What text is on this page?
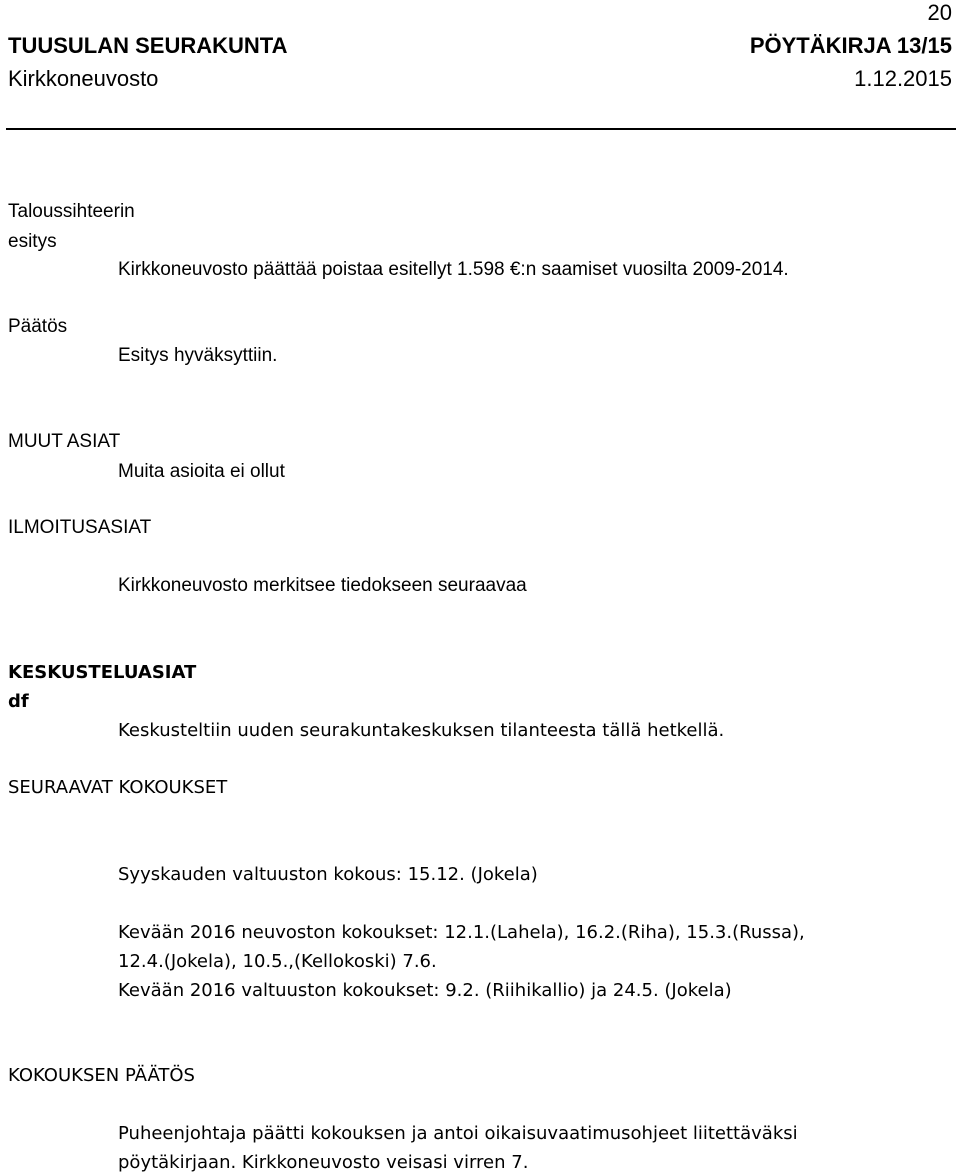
20
TUUSULAN SEURAKUNTA	PÖYTÄKIRJA 13/15
Kirkkoneuvosto	1.12.2015
Taloussihteerin
esitys
Kirkkoneuvosto päättää poistaa esitellyt 1.598 €:n saamiset vuosilta 2009-2014.
Päätös
Esitys hyväksyttiin.
MUUT ASIAT
Muita asioita ei ollut
ILMOITUSASIAT
Kirkkoneuvosto merkitsee tiedokseen seuraavaa
KESKUSTELUASIAT
df
Keskusteltiin uuden seurakuntakeskuksen tilanteesta tällä hetkellä.
SEURAAVAT KOKOUKSET
Syyskauden valtuuston kokous: 15.12. (Jokela)
Kevään 2016 neuvoston kokoukset: 12.1.(Lahela), 16.2.(Riha), 15.3.(Russa),
12.4.(Jokela), 10.5.,(Kellokoski) 7.6.
Kevään 2016 valtuuston kokoukset: 9.2. (Riihikallio) ja 24.5. (Jokela)
KOKOUKSEN PÄÄTÖS
Puheenjohtaja päätti kokouksen ja antoi oikaisuvaatimusohjeet liitettäväksi
pöytäkirjaan. Kirkkoneuvosto veisasi virren 7.
